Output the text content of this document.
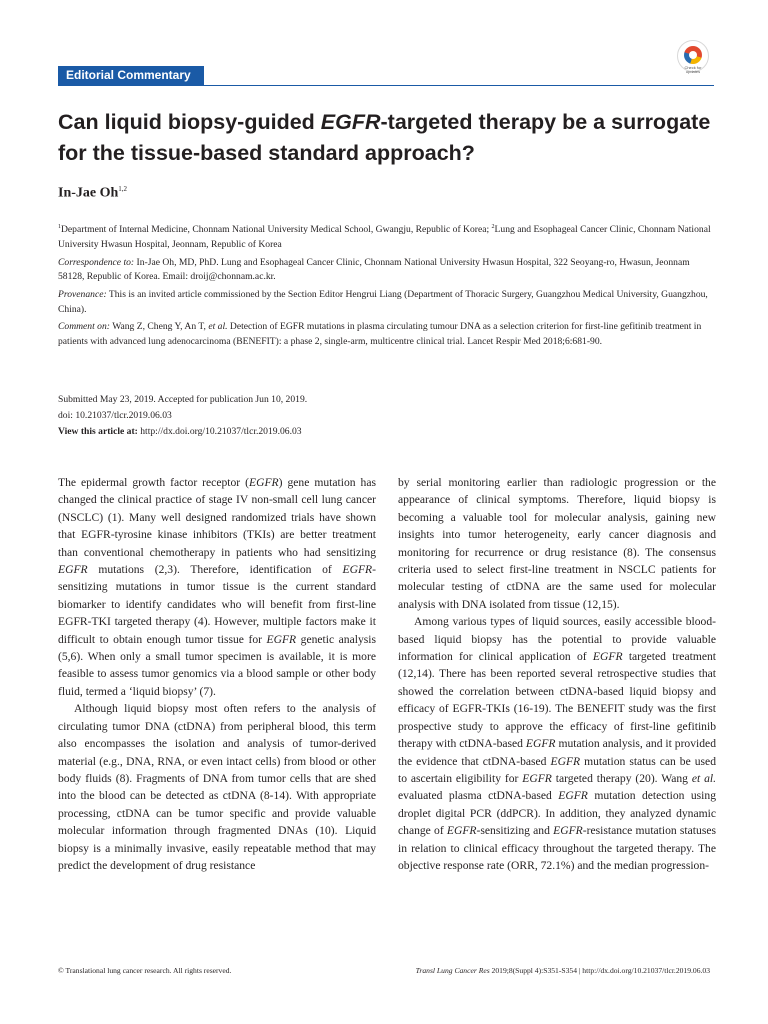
Editorial Commentary
Check for updates
Can liquid biopsy-guided EGFR-targeted therapy be a surrogate for the tissue-based standard approach?
In-Jae Oh$^{1,2}$

$^1$Department of Internal Medicine, Chonnam National University Medical School, Gwangju, Republic of Korea; $^2$Lung and Esophageal Cancer Clinic, Chonnam National University Hwasun Hospital, Jeonnam, Republic of Korea

Correspondence to: In-Jae Oh, MD, PhD. Lung and Esophageal Cancer Clinic, Chonnam National University Hwasun Hospital, 322 Seoyang-ro, Hwasun, Jeonnam 58128, Republic of Korea. Email: droij@chonnam.ac.kr.

Provenance: This is an invited article commissioned by the Section Editor Hengrui Liang (Department of Thoracic Surgery, Guangzhou Medical University, Guangzhou, China).

Comment on: Wang Z, Cheng Y, An T, et al. Detection of EGFR mutations in plasma circulating tumour DNA as a selection criterion for first-line gefitinib treatment in patients with advanced lung adenocarcinoma (BENEFIT): a phase 2, single-arm, multicentre clinical trial. Lancet Respir Med 2018;6:681-90.

Submitted May 23, 2019. Accepted for publication Jun 10, 2019.

doi: 10.21037/tlcr.2019.06.03

View this article at: http://dx.doi.org/10.21037/tlcr.2019.06.03

The epidermal growth factor receptor (EGFR) gene mutation has changed the clinical practice of stage IV non-small cell lung cancer (NSCLC) (1). Many well designed randomized trials have shown that EGFR-tyrosine kinase inhibitors (TKIs) are better treatment than conventional chemotherapy in patients who had sensitizing EGFR mutations (2,3). Therefore, identification of EGFR-sensitizing mutations in tumor tissue is the current standard biomarker to identify candidates who will benefit from first-line EGFR-TKI targeted therapy (4). However, multiple factors make it difficult to obtain enough tumor tissue for EGFR genetic analysis (5,6). When only a small tumor specimen is available, it is more feasible to assess tumor genomics via a blood sample or other body fluid, termed a ‘liquid biopsy’ (7).

Although liquid biopsy most often refers to the analysis of circulating tumor DNA (ctDNA) from peripheral blood, this term also encompasses the isolation and analysis of tumor-derived material (e.g., DNA, RNA, or even intact cells) from blood or other body fluids (8). Fragments of DNA from tumor cells that are shed into the blood can be detected as ctDNA (8-14). With appropriate processing, ctDNA can be tumor specific and provide valuable molecular information through fragmented DNAs (10). Liquid biopsy is a minimally invasive, easily repeatable method that may predict the development of drug resistance

by serial monitoring earlier than radiologic progression or the appearance of clinical symptoms. Therefore, liquid biopsy is becoming a valuable tool for molecular analysis, gaining new insights into tumor heterogeneity, early cancer diagnosis and monitoring for recurrence or drug resistance (8). The consensus criteria used to select first-line treatment in NSCLC patients for molecular testing of ctDNA are the same used for molecular analysis with DNA isolated from tissue (12,15).

Among various types of liquid sources, easily accessible blood-based liquid biopsy has the potential to provide valuable information for clinical application of EGFR targeted treatment (12,14). There has been reported several retrospective studies that showed the correlation between ctDNA-based liquid biopsy and efficacy of EGFR-TKIs (16-19). The BENEFIT study was the first prospective study to approve the efficacy of first-line gefitinib therapy with ctDNA-based EGFR mutation analysis, and it provided the evidence that ctDNA-based EGFR mutation status can be used to ascertain eligibility for EGFR targeted therapy (20). Wang et al. evaluated plasma ctDNA-based EGFR mutation detection using droplet digital PCR (ddPCR). In addition, they analyzed dynamic change of EGFR-sensitizing and EGFR-resistance mutation statuses in relation to clinical efficacy throughout the targeted therapy. The objective response rate (ORR, 72.1%) and the median progression-

© Translational lung cancer research. All rights reserved.	Transl Lung Cancer Res 2019;8(Suppl 4):S351-S354 | http://dx.doi.org/10.21037/tlcr.2019.06.03
